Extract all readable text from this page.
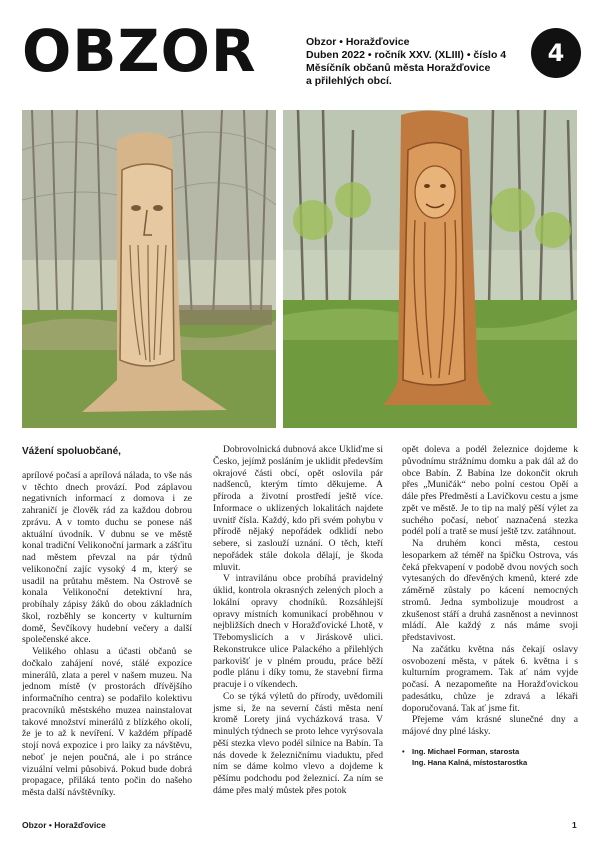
OBZOR	Obzor • Horažďovice
Duben 2022 • ročník XXV. (XLIII) • číslo 4
Měsíčník občanů města Horažďovice
a přilehlých obcí.
4
Vážení spoluobčané,

aprílové počasí a aprílová nálada, to vše nás v těchto dnech provází. Pod záplavou negativních informací z domova i ze zahraničí je člověk rád za každou dobrou zprávu. A v tomto duchu se ponese náš aktuální úvodník. V dubnu se ve městě konal tradiční Velikonoční jarmark a zášťitu nad městem převzal na pár týdnů velikonoční zajíc vysoký 4 m, který se usadil na průtahu městem. Na Ostrově se konala Velikonoční detektivní hra, probíhaly zápisy žáků do obou základních škol, rozběhly se koncerty v kulturním domě, Ševčíkovy hudební večery a další společenské akce.

Velikého ohlasu a účasti občanů se dočkalo zahájení nové, stálé expozice minerálů, zlata a perel v našem muzeu. Na jednom místě (v prostorách dřívějšího informačního centra) se podařilo kolektivu pracovníků městského muzea nainstalovat takové množství minerálů z blízkého okolí, že je to až k nevíření. V každém případě stojí nová expozice i pro laiky za návštěvu, neboť je nejen poučná, ale i po stránce vizuální velmi působivá. Pokud bude dobrá propagace, přiláká tento počin do našeho města další návštěvníky.

Dobrovolnická dubnová akce Ukliďme si Česko, jejímž posláním je uklidit především okrajové části obcí, opět oslovila pár nadšenců, kterým tímto děkujeme. A příroda a životní prostředí ještě více. Informace o uklizených lokalitách najdete uvnitř čísla. Každý, kdo při svém pohybu v přírodě nějaký nepořádek odklidí nebo sebere, si zaslouží uznání. O těch, kteří nepořádek stále dokola dělají, je škoda mluvit.

V intravilánu obce probíhá pravidelný úklid, kontrola okrasných zelených ploch a lokální opravy chodníků. Rozsáhlejší opravy místních komunikací proběhnou v nejbližších dnech v Horažďovické Lhotě, v Třebomyslicích a v Jiráskově ulici. Rekonstrukce ulice Palackého a přilehlých parkovišť je v plném proudu, práce běží podle plánu i díky tomu, že stavební firma pracuje i o víkendech.

Co se týká výletů do přírody, uvědomili jsme si, že na severní části města není kromě Lorety jiná vycházková trasa. V minulých týdnech se proto lehce vyrýsovala pěší stezka vlevo podél silnice na Babín. Ta nás dovede k železničnímu viaduktu, před ním se dáme kolmo vlevo a dojdeme k pěšímu podchodu pod železnicí. Za ním se dáme přes malý můstek přes potok

opět doleva a podél železnice dojdeme k původnímu strážnímu domku a pak dál až do obce Babín. Z Babína lze dokončit okruh přes „Muničák“ nebo polní cestou Opěí a dále přes Předměstí a Lavičkovu cestu a jsme zpět ve městě. Je to tip na malý pěší výlet za suchého počasí, neboť naznačená stezka podél polí a tratě se musí ještě tzv. zatáhnout.

Na druhém konci města, cestou lesoparkem až téměř na špičku Ostrova, vás čeká překvapení v podobě dvou nových soch vytesaných do dřevěných kmenů, které zde záměrně zůstaly po kácení nemocných stromů. Jedna symbolizuje moudrost a zkušenost stáří a druhá zasněnost a nevinnost mládí. Ale každý z nás máme svoji představivost.

Na začátku května nás čekají oslavy osvobození města, v pátek 6. května i s kulturním programem. Tak ať nám vyjde počasí. A nezapomeňte na Horažďovickou padesátku, chůze je zdravá a lékaři doporučovaná. Tak ať jsme fit.

Přejeme vám krásné slunečné dny a májové dny plné lásky.

• Ing. Michael Forman, starosta
Ing. Hana Kalná, místostarostka
Obzor • Horažďovice	1
